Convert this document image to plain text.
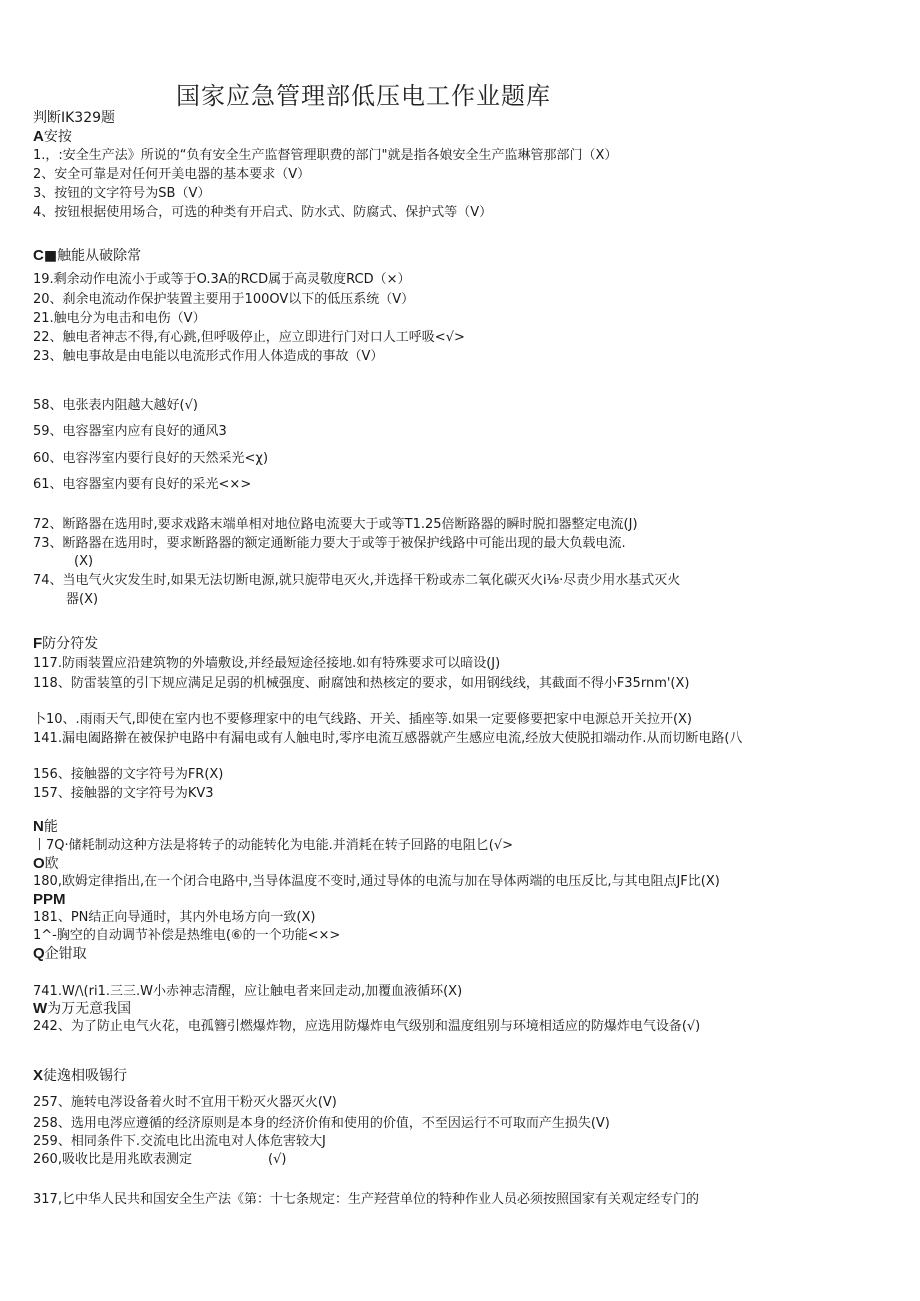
国家应急管理部低压电工作业题库
判断IK329题
A安按
1.，:安全生产法》所说的“负有安全生产监督管理职费的部门"就是指各娘安全生产监琳管那部门（X）
2、安全可靠是对任何开美电器的基本要求（V）
3、按钮的文字符号为SB（V）
4、按钮根据使用场合，可选的种类有开启式、防水式、防腐式、保护式等（V）
C■触能从破除常
19.剩余动作电流小于或等于O.3A的RCD属于高灵敬度RCD（×）
20、刹余电流动作保护装置主要用于100OV以下的低压系统（V）
21.触电分为电击和电伤（V）
22、触电者神志不得,有心跳,但呼吸停止，应立即进行门对口人工呼吸<√>
23、触电事故是由电能以电流形式作用人体造成的事故（V）
58、电张表内阻越大越好(√)
59、电容器室内应有良好的通风3
60、电容涔室内要行良好的天然采光<χ)
61、电容器室内要有良好的采光<×>
72、断路器在选用时,要求戏路末端单相对地位路电流要大于或等T1.25倍断路器的瞬时脱扣器整定电流(J)
73、断路器在选用时，要求断路器的额定通断能力要大于或等于被保护线路中可能出现的最大负载电流.
(X)
74、当电气火灾发生时,如果无法切断电源,就只旎带电灭火,并选择干粉或赤二氧化碳灭火i⅛·尽责少用水基式灭火
器(X)
F防分符发
117.防雨装置应沿建筑物的外墙敷设,并经最短途径接地.如有特殊要求可以暗设(J)
118、防雷装篁的引下规应满足足弱的机械强度、耐腐蚀和热核定的要求，如用钢线线，其截面不得小F35rnm'(X)
卜10、.雨雨天气,即使在室内也不要修理家中的电气线路、开关、插座等.如果一定要修要把家中电源总开关拉开(X)
141.漏电阖路擀在被保护电路中有漏电或有人触电时,零序电流互感器就产生感应电流,经放大使脱扣端动作.从而切断电路(八
156、接触器的文字符号为FR(X)
157、接触器的文字符号为KV3
N能
丨7Q·储耗制动这种方法是将转子的动能转化为电能.并消耗在转子回路的电阻匕(√>
O欧
180,欧姆定律指出,在一个闭合电路中,当导体温度不变时,通过导体的电流与加在导体两端的电压反比,与其电阻点JF比(X)
PPM
181、PN结正向导通时，其内外电场方向一致(X)
1^-胸空的自动调节补偿是热维电(⑥的一个功能<×>
Q企钳取
741.W∕\(ri1.三三.W小赤神志清醒，应让触电者来回走动,加覆血液循环(X)
W为万无意我国
242、为了防止电气火花，电孤簪引燃爆炸物，应选用防爆炸电气级别和温度组别与环境相适应的防爆炸电气设备(√)
X徒逸相吸锡行
257、施转电涔设备着火时不宜用干粉灭火器灭火(V)
258、选用电涔应遵循的经济原则是本身的经济价侑和使用的价值，不至因运行不可取而产生损失(V)
259、相同条件下.交流电比出流电对人体危害较大J
260,吸收比是用兆欧表测定	(√)
317,匕中华人民共和国安全生产法《第：十七条规定：生产羟营单位的特种作业人员必须按照国家有关观定经专门的
